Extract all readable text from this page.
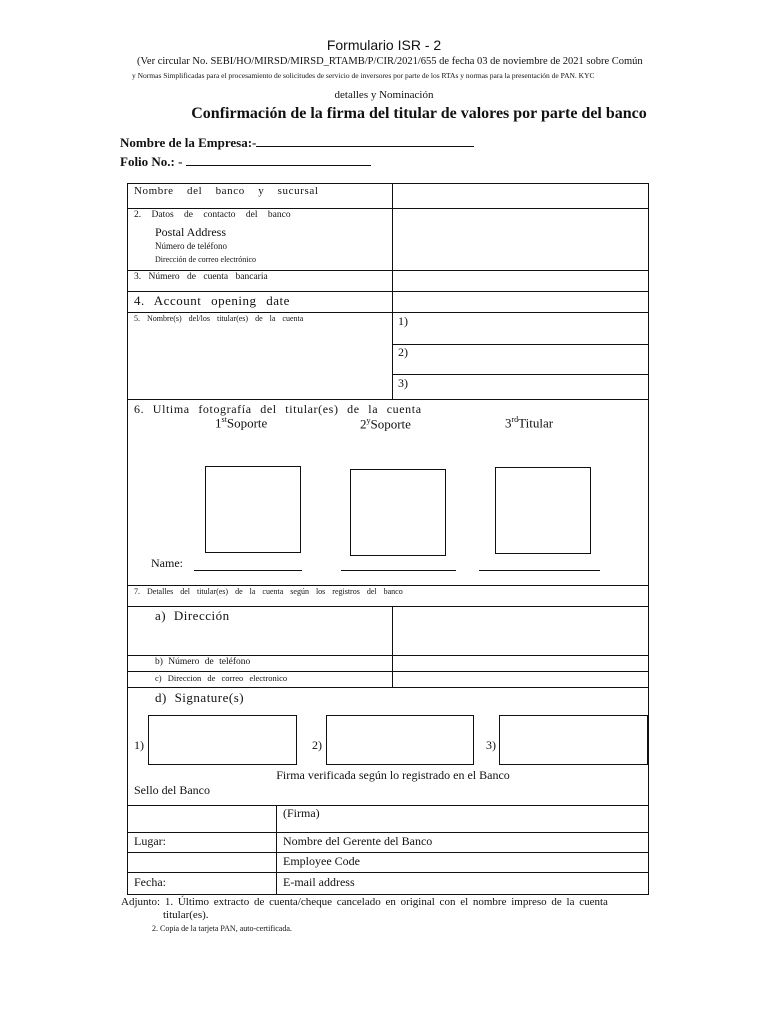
Formulario ISR - 2
(Ver circular No. SEBI/HO/MIRSD/MIRSD_RTAMB/P/CIR/2021/655 de fecha 03 de noviembre de 2021 sobre Común
y Normas Simplificadas para el procesamiento de solicitudes de servicio de inversores por parte de los RTAs y normas para la presentación de PAN. KYC
detalles y Nominación
Confirmación de la firma del titular de valores por parte del banco
Nombre de la Empresa:-
Folio No.: -
Nombre del banco y sucursal
2. Datos de contacto del banco
Postal Address
Número de teléfono
Dirección de correo electrónico
3. Número de cuenta bancaria
4. Account opening date
5. Nombre(s) del/los titular(es) de la cuenta	1)
2)
3)
6. Ultima fotografía del titular(es) de la cuenta
1stSoporte	2$^y$Soporte	3rdTitular
Name:
7. Detalles del titular(es) de la cuenta según los registros del banco
a) Dirección
b) Número de teléfono
c) Direccion de correo electronico
d) Signature(s)
1)	2)	3)
Firma verificada según lo registrado en el Banco
Sello del Banco
(Firma)
Lugar:	Nombre del Gerente del Banco
Employee Code
Fecha:	E-mail address
Adjunto: 1. Último extracto de cuenta/cheque cancelado en original con el nombre impreso de la cuenta
titular(es).
2. Copia de la tarjeta PAN, auto-certificada.
